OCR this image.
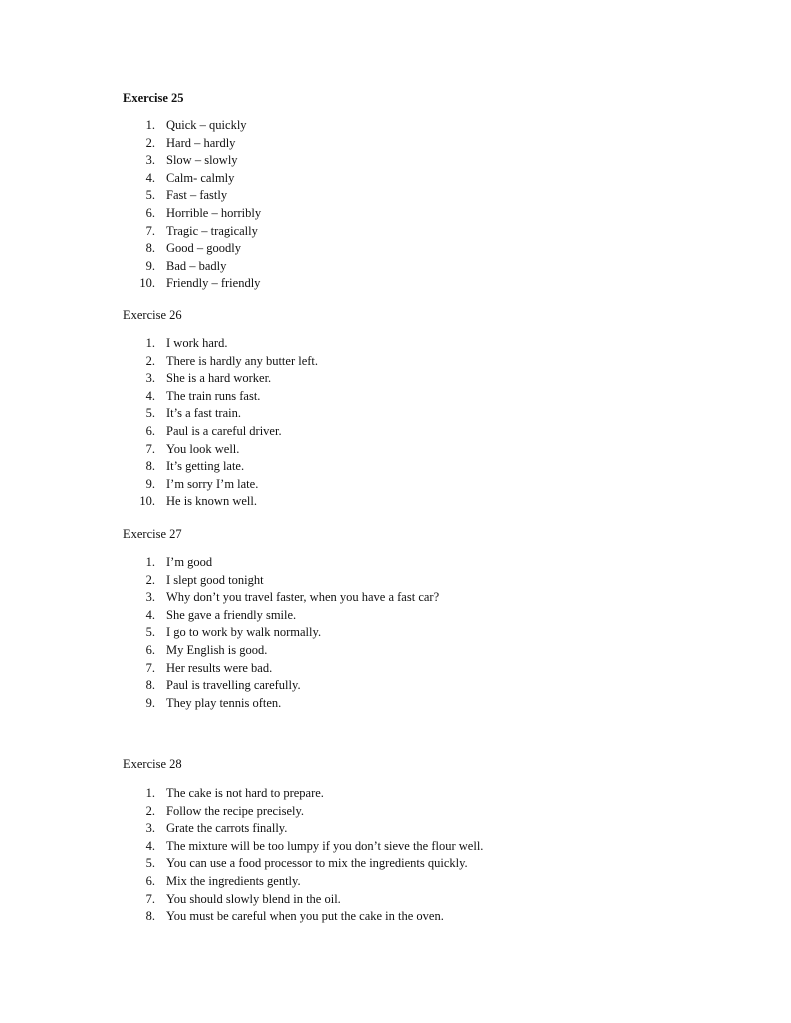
Exercise 25
1. Quick – quickly
2. Hard – hardly
3. Slow – slowly
4. Calm- calmly
5. Fast – fastly
6. Horrible – horribly
7. Tragic – tragically
8. Good – goodly
9. Bad – badly
10. Friendly – friendly
Exercise 26
1. I work hard.
2. There is hardly any butter left.
3. She is a hard worker.
4. The train runs fast.
5. It’s a fast train.
6. Paul is a careful driver.
7. You look well.
8. It’s getting late.
9. I’m sorry I’m late.
10. He is known well.
Exercise 27
1. I’m good
2. I slept good tonight
3. Why don’t you travel faster, when you have a fast car?
4. She gave a friendly smile.
5. I go to work by walk normally.
6. My English is good.
7. Her results were bad.
8. Paul is travelling carefully.
9. They play tennis often.
Exercise 28
1. The cake is not hard to prepare.
2. Follow the recipe precisely.
3. Grate the carrots finally.
4. The mixture will be too lumpy if you don’t sieve the flour well.
5. You can use a food processor to mix the ingredients quickly.
6. Mix the ingredients gently.
7. You should slowly blend in the oil.
8. You must be careful when you put the cake in the oven.
